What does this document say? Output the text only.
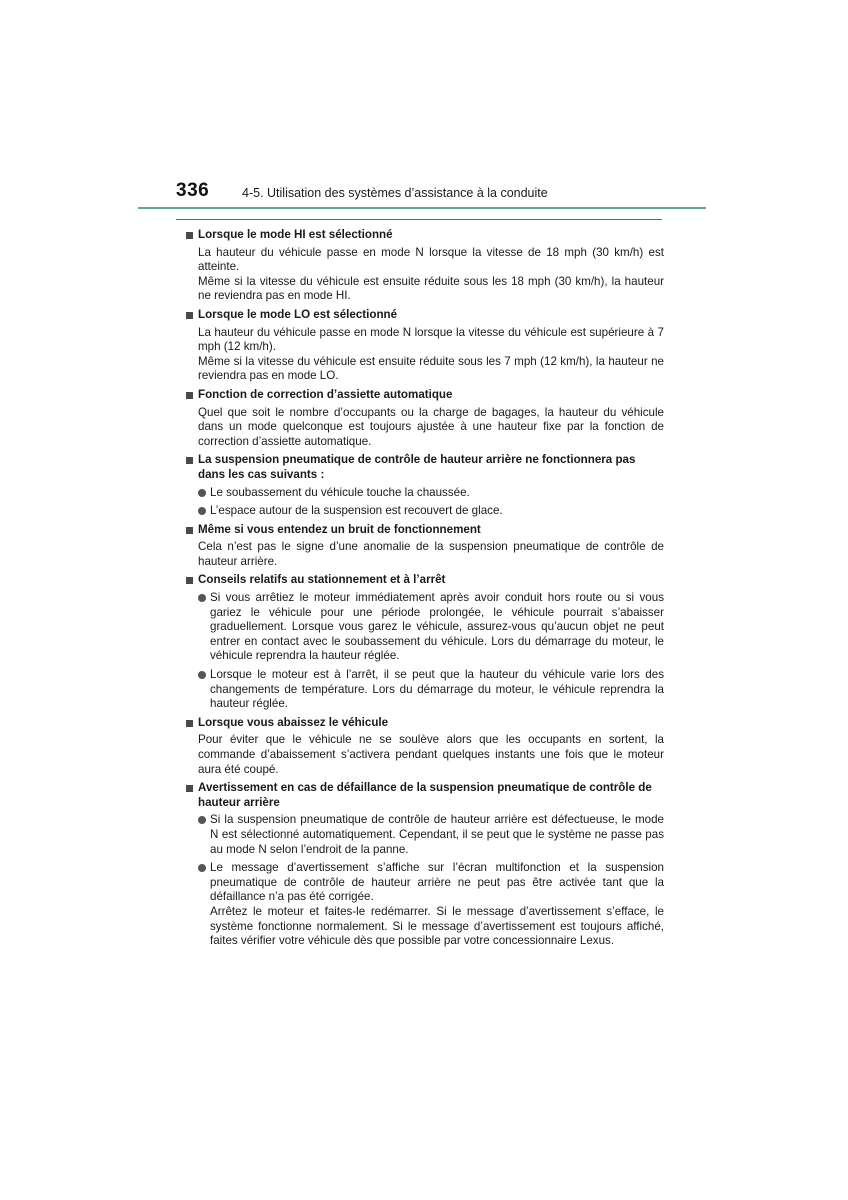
336	4-5. Utilisation des systèmes d’assistance à la conduite
Lorsque le mode HI est sélectionné

La hauteur du véhicule passe en mode N lorsque la vitesse de 18 mph (30 km/h) est atteinte.

Même si la vitesse du véhicule est ensuite réduite sous les 18 mph (30 km/h), la hauteur ne reviendra pas en mode HI.

Lorsque le mode LO est sélectionné

La hauteur du véhicule passe en mode N lorsque la vitesse du véhicule est supérieure à 7 mph (12 km/h).

Même si la vitesse du véhicule est ensuite réduite sous les 7 mph (12 km/h), la hauteur ne reviendra pas en mode LO.

Fonction de correction d’assiette automatique

Quel que soit le nombre d’occupants ou la charge de bagages, la hauteur du véhicule dans un mode quelconque est toujours ajustée à une hauteur fixe par la fonction de correction d’assiette automatique.

La suspension pneumatique de contrôle de hauteur arrière ne fonctionnera pas dans les cas suivants :
Le soubassement du véhicule touche la chaussée.
L’espace autour de la suspension est recouvert de glace.
Même si vous entendez un bruit de fonctionnement

Cela n’est pas le signe d’une anomalie de la suspension pneumatique de contrôle de hauteur arrière.

Conseils relatifs au stationnement et à l’arrêt
Si vous arrêtiez le moteur immédiatement après avoir conduit hors route ou si vous gariez le véhicule pour une période prolongée, le véhicule pourrait s’abaisser graduellement. Lorsque vous garez le véhicule, assurez-vous qu’aucun objet ne peut entrer en contact avec le soubassement du véhicule. Lors du démarrage du moteur, le véhicule reprendra la hauteur réglée.
Lorsque le moteur est à l’arrêt, il se peut que la hauteur du véhicule varie lors des changements de température. Lors du démarrage du moteur, le véhicule reprendra la hauteur réglée.
Lorsque vous abaissez le véhicule

Pour éviter que le véhicule ne se soulève alors que les occupants en sortent, la commande d’abaissement s’activera pendant quelques instants une fois que le moteur aura été coupé.

Avertissement en cas de défaillance de la suspension pneumatique de contrôle de hauteur arrière
Si la suspension pneumatique de contrôle de hauteur arrière est défectueuse, le mode N est sélectionné automatiquement. Cependant, il se peut que le système ne passe pas au mode N selon l’endroit de la panne.
Le message d’avertissement s’affiche sur l’écran multifonction et la suspension pneumatique de contrôle de hauteur arrière ne peut pas être activée tant que la défaillance n’a pas été corrigée.
Arrêtez le moteur et faites-le redémarrer. Si le message d’avertissement s’efface, le système fonctionne normalement. Si le message d’avertissement est toujours affiché, faites vérifier votre véhicule dès que possible par votre concessionnaire Lexus.
